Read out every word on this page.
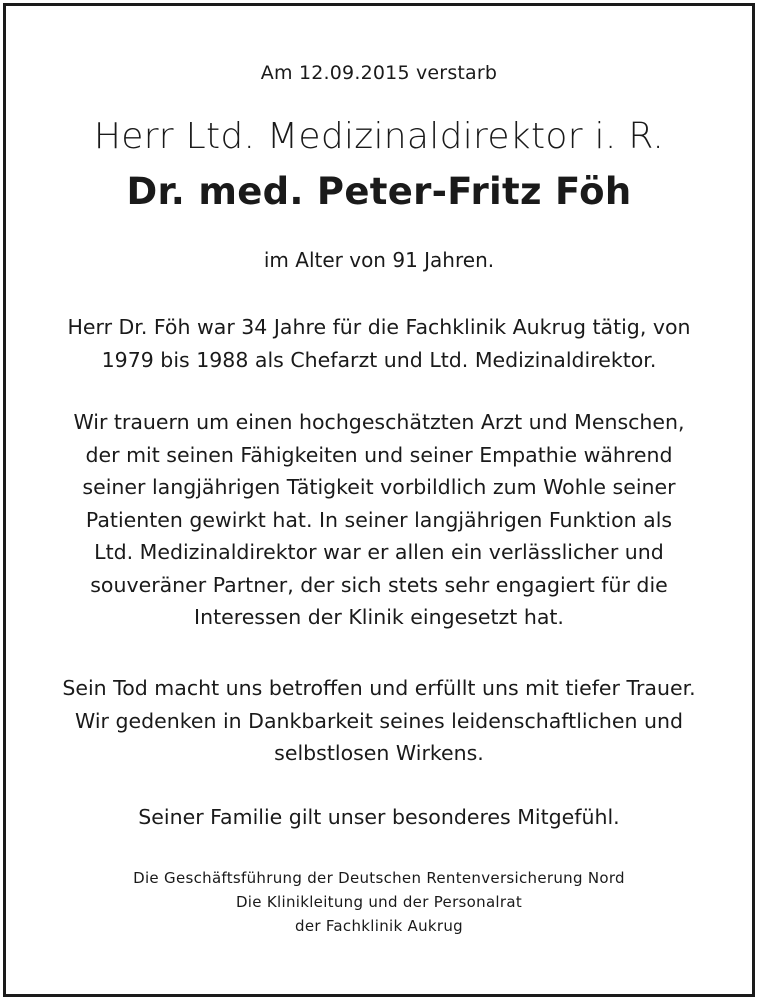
Am 12.09.2015 verstarb
Herr Ltd. Medizinaldirektor i. R.
Dr. med. Peter-Fritz Föh
im Alter von 91 Jahren.
Herr Dr. Föh war 34 Jahre für die Fachklinik Aukrug tätig, von
1979 bis 1988 als Chefarzt und Ltd. Medizinaldirektor.
Wir trauern um einen hochgeschätzten Arzt und Menschen,
der mit seinen Fähigkeiten und seiner Empathie während
seiner langjährigen Tätigkeit vorbildlich zum Wohle seiner
Patienten gewirkt hat. In seiner langjährigen Funktion als
Ltd. Medizinaldirektor war er allen ein verlässlicher und
souveräner Partner, der sich stets sehr engagiert für die
Interessen der Klinik eingesetzt hat.
Sein Tod macht uns betroffen und erfüllt uns mit tiefer Trauer.
Wir gedenken in Dankbarkeit seines leidenschaftlichen und
selbstlosen Wirkens.
Seiner Familie gilt unser besonderes Mitgefühl.
Die Geschäftsführung der Deutschen Rentenversicherung Nord
Die Klinikleitung und der Personalrat
der Fachklinik Aukrug
